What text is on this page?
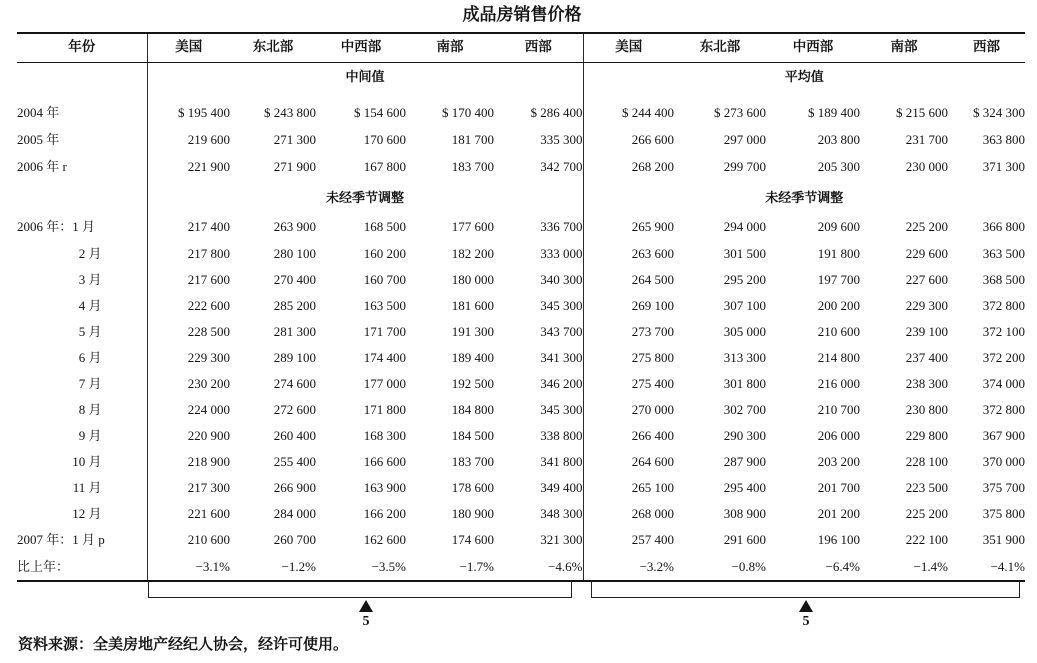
成品房销售价格
年份	美国	东北部	中西部	南部	西部	美国	东北部	中西部	南部	西部
	中间值					平均值				
2004 年	$ 195 400	$ 243 800	$ 154 600	$ 170 400	$ 286 400	$ 244 400	$ 273 600	$ 189 400	$ 215 600	$ 324 300
2005 年	219 600	271 300	170 600	181 700	335 300	266 600	297 000	203 800	231 700	363 800
2006 年 r	221 900	271 900	167 800	183 700	342 700	268 200	299 700	205 300	230 000	371 300
	未经季节调整					未经季节调整				
2006 年：1 月	217 400	263 900	168 500	177 600	336 700	265 900	294 000	209 600	225 200	366 800
2 月	217 800	280 100	160 200	182 200	333 000	263 600	301 500	191 800	229 600	363 500
3 月	217 600	270 400	160 700	180 000	340 300	264 500	295 200	197 700	227 600	368 500
4 月	222 600	285 200	163 500	181 600	345 300	269 100	307 100	200 200	229 300	372 800
5 月	228 500	281 300	171 700	191 300	343 700	273 700	305 000	210 600	239 100	372 100
6 月	229 300	289 100	174 400	189 400	341 300	275 800	313 300	214 800	237 400	372 200
7 月	230 200	274 600	177 000	192 500	346 200	275 400	301 800	216 000	238 300	374 000
8 月	224 000	272 600	171 800	184 800	345 300	270 000	302 700	210 700	230 800	372 800
9 月	220 900	260 400	168 300	184 500	338 800	266 400	290 300	206 000	229 800	367 900
10 月	218 900	255 400	166 600	183 700	341 800	264 600	287 900	203 200	228 100	370 000
11 月	217 300	266 900	163 900	178 600	349 400	265 100	295 400	201 700	223 500	375 700
12 月	221 600	284 000	166 200	180 900	348 300	268 000	308 900	201 200	225 200	375 800
2007 年：1 月 p	210 600	260 700	162 600	174 600	321 300	257 400	291 600	196 100	222 100	351 900
比上年：	−3.1%	−1.2%	−3.5%	−1.7%	−4.6%	−3.2%	−0.8%	−6.4%	−1.4%	−4.1%
5	5
资料来源：全美房地产经纪人协会，经许可使用。
